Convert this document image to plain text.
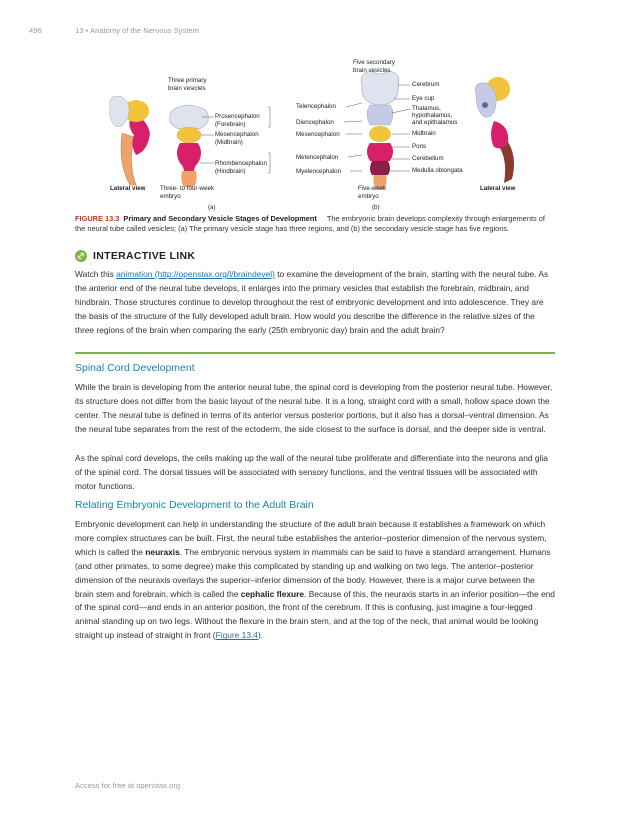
496	13 • Anatomy of the Nervous System
Lateral view
Three primary brain vesicles
Three- to four-week embryo
(a)
Prosencephalon (Forebrain)
Mesencephalon (Midbrain)
Rhombencephalon (Hindbrain)
Telencephalon
Diencephalon
Mesencephalon
Metencephalon
Myelencephalon
Five secondary brain vesicles
Five-week embryo
(b)
Cerebrum
Eye cup
Thalamus, hypothalamus, and epithalamus
Midbrain
Pons
Cerebellum
Medulla oblongata
Lateral view
FIGURE 13.3 Primary and Secondary Vesicle Stages of Development The embryonic brain develops complexity through enlargements of the neural tube called vesicles; (a) The primary vesicle stage has three regions, and (b) the secondary vesicle stage has five regions.
INTERACTIVE LINK
Watch this animation (http://openstax.org/l/braindevel) to examine the development of the brain, starting with the neural tube. As the anterior end of the neural tube develops, it enlarges into the primary vesicles that establish the forebrain, midbrain, and hindbrain. Those structures continue to develop throughout the rest of embryonic development and into adolescence. They are the basis of the structure of the fully developed adult brain. How would you describe the difference in the relative sizes of the three regions of the brain when comparing the early (25th embryonic day) brain and the adult brain?
Spinal Cord Development
While the brain is developing from the anterior neural tube, the spinal cord is developing from the posterior neural tube. However, its structure does not differ from the basic layout of the neural tube. It is a long, straight cord with a small, hollow space down the center. The neural tube is defined in terms of its anterior versus posterior portions, but it also has a dorsal–ventral dimension. As the neural tube separates from the rest of the ectoderm, the side closest to the surface is dorsal, and the deeper side is ventral.
As the spinal cord develops, the cells making up the wall of the neural tube proliferate and differentiate into the neurons and glia of the spinal cord. The dorsal tissues will be associated with sensory functions, and the ventral tissues will be associated with motor functions.
Relating Embryonic Development to the Adult Brain
Embryonic development can help in understanding the structure of the adult brain because it establishes a framework on which more complex structures can be built. First, the neural tube establishes the anterior–posterior dimension of the nervous system, which is called the neuraxis. The embryonic nervous system in mammals can be said to have a standard arrangement. Humans (and other primates, to some degree) make this complicated by standing up and walking on two legs. The anterior–posterior dimension of the neuraxis overlays the superior–inferior dimension of the body. However, there is a major curve between the brain stem and forebrain, which is called the cephalic flexure. Because of this, the neuraxis starts in an inferior position—the end of the spinal cord—and ends in an anterior position, the front of the cerebrum. If this is confusing, just imagine a four-legged animal standing up on two legs. Without the flexure in the brain stem, and at the top of the neck, that animal would be looking straight up instead of straight in front (Figure 13.4).
Access for free at openstax.org
